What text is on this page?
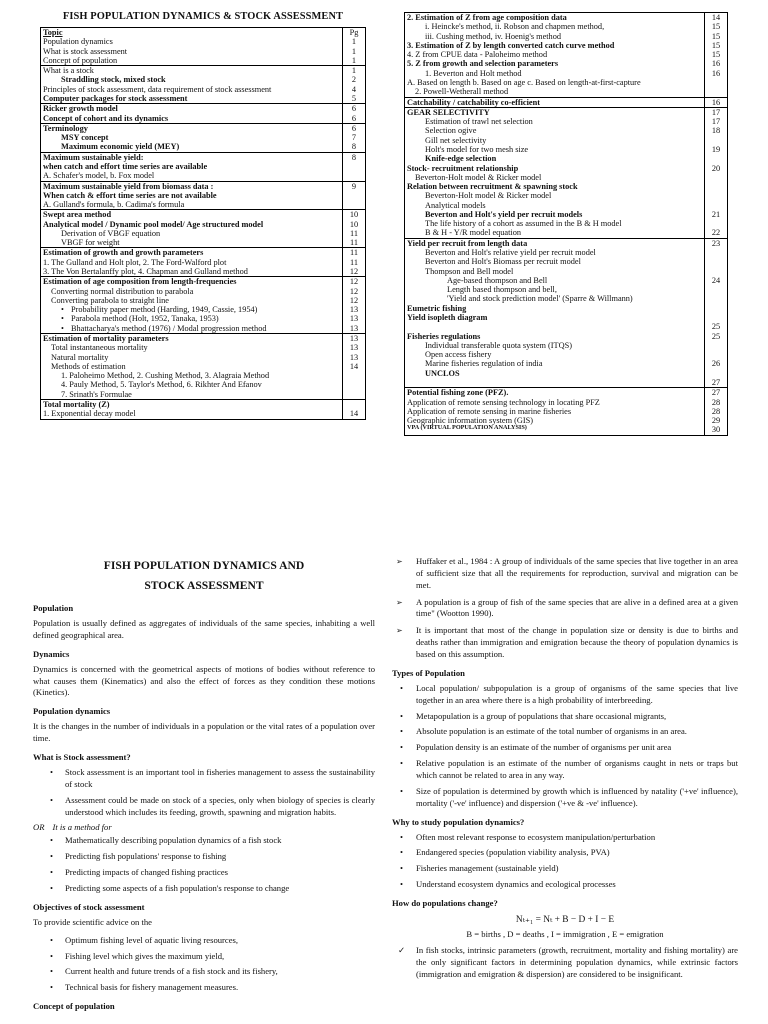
FISH POPULATION DYNAMICS & STOCK ASSESSMENT
Topic	Pg
Population dynamics	1
What is stock assessment	1
Concept of population	1
What is a stock	1
Straddling stock, mixed stock	2
Principles of stock assessment, data requirement of stock assessment	4
Computer packages for stock assessment	5
Ricker growth model	6
Concept of cohort and its dynamics	6
Terminology	6
MSY concept	7
Maximum economic yield (MEY)	8
Maximum sustainable yield:	8
when catch and effort time series are available	
A. Schafer's model, b. Fox model	
Maximum sustainable yield from biomass data :	9
When catch & effort time series are not available	
A. Gulland's formula, b. Cadima's formula	
Swept area method	10
Analytical model / Dynamic pool model/ Age structured model	10
Derivation of VBGF equation	11
VBGF for weight	11
Estimation of growth and growth parameters	11
1. The Gulland and Holt plot, 2. The Ford-Walford plot	11
3. The Von Bertalanffy plot, 4. Chapman and Gulland method	12
Estimation of age composition from length-frequencies	12
Converting normal distribution to parabola	12
Converting parabola to straight line	12
• Probability paper method (Harding, 1949, Cassie, 1954)	13
• Parabola method (Holt, 1952, Tanaka, 1953)	13
• Bhattacharya's method (1976) / Modal progression method	13
Estimation of mortality parameters	13
Total instantaneous mortality	13
Natural mortality	13
Methods of estimation	14
1. Paloheimo Method, 2. Cushing Method, 3. Alagraia Method	
4. Pauly Method, 5. Taylor's Method, 6. Rikhter And Efanov	
7. Srinath's Formulae	
Total mortality (Z)	
1. Exponential decay model	14

2. Estimation of Z from age composition data	14
i. Heincke's method, ii. Robson and chapmen method,	15
iii. Cushing method, iv. Hoenig's method	15

3. Estimation of Z by length converted catch curve method	15
4. Z from CPUE data - Paloheimo method	15
5. Z from growth and selection parameters	16
1. Beverton and Holt method	16
A. Based on length b. Based on age c. Based on length-at-first-capture	
2. Powell-Wetherall method	
Catchability / catchability co-efficient	16
GEAR SELECTIVITY	17
Estimation of trawl net selection	17
Selection ogive	18
Gill net selectivity	
Holt's model for two mesh size	19
Knife-edge selection	
Stock- recruitment relationship	20
Beverton-Holt model & Ricker model	
Relation between recruitment & spawning stock	
Beverton-Holt model & Ricker model	
Analytical models	
Beverton and Holt's yield per recruit models	21
The life history of a cohort as assumed in the B & H model	
B & H - Y/R model equation	22
Yield per recruit from length data	23
Beverton and Holt's relative yield per recruit model	
Beverton and Holt's Biomass per recruit model	
Thompson and Bell model	
Age-based thompson and Bell	24
Length based thompson and bell,	
'Yield and stock prediction model' (Sparre & Willmann)	
Eumetric fishing	
Yield isopleth diagram	
	25
Fisheries regulations	25
Individual transferable quota system (ITQS)	
Open access fishery	
Marine fisheries regulation of india	26
UNCLOS	
	27
Potential fishing zone (PFZ).	27
Application of remote sensing technology in locating PFZ	28
Application of remote sensing in marine fisheries	28
Geographic information system (GIS)	29
VPA (VIRTUAL POPULATION ANALYSIS)	30
FISH POPULATION DYNAMICS AND
STOCK ASSESSMENT
Population
Population is usually defined as aggregates of individuals of the same species, inhabiting a well defined geographical area.
Dynamics
Dynamics is concerned with the geometrical aspects of motions of bodies without reference to what causes them (Kinematics) and also the effect of forces as they condition these motions (Kinetics).
Population dynamics
It is the changes in the number of individuals in a population or the vital rates of a population over time.
What is Stock assessment?
• Stock assessment is an important tool in fisheries management to assess the sustainability of stock
• Assessment could be made on stock of a species, only when biology of species is clearly understood which includes its feeding, growth, spawning and migration habits.
OR It is a method for
• Mathematically describing population dynamics of a fish stock
• Predicting fish populations' response to fishing
• Predicting impacts of changed fishing practices
• Predicting some aspects of a fish population's response to change
Objectives of stock assessment
To provide scientific advice on the
• Optimum fishing level of aquatic living resources,
• Fishing level which gives the maximum yield,
• Current health and future trends of a fish stock and its fishery,
• Technical basis for fishery management measures.
Concept of population
➢ Huffaker et al., 1984 : A group of individuals of the same species that live together in an area of sufficient size that all the requirements for reproduction, survival and migration can be met.
➢ A population is a group of fish of the same species that are alive in a defined area at a given time" (Wootton 1990).
➢ It is important that most of the change in population size or density is due to births and deaths rather than immigration and emigration because the theory of population dynamics is based on this assumption.
Types of Population
• Local population/ subpopulation is a group of organisms of the same species that live together in an area where there is a high probability of interbreeding.
• Metapopulation is a group of populations that share occasional migrants,
• Absolute population is an estimate of the total number of organisms in an area.
• Population density is an estimate of the number of organisms per unit area
• Relative population is an estimate of the number of organisms caught in nets or traps but which cannot be related to area in any way.
• Size of population is determined by growth which is influenced by natality ('+ve' influence), mortality ('-ve' influence) and dispersion ('+ve & -ve' influence).
Why to study population dynamics?
• Often most relevant response to ecosystem manipulation/perturbation
• Endangered species (population viability analysis, PVA)
• Fisheries management (sustainable yield)
• Understand ecosystem dynamics and ecological processes
How do populations change?
Nₜ₊₁ = Nₜ + B − D + I − E
B = births , D = deaths , I = immigration , E = emigration
✓ In fish stocks, intrinsic parameters (growth, recruitment, mortality and fishing mortality) are the only significant factors in determining population dynamics, while extrinsic factors (immigration and emigration & dispersion) are considered to be insignificant.
